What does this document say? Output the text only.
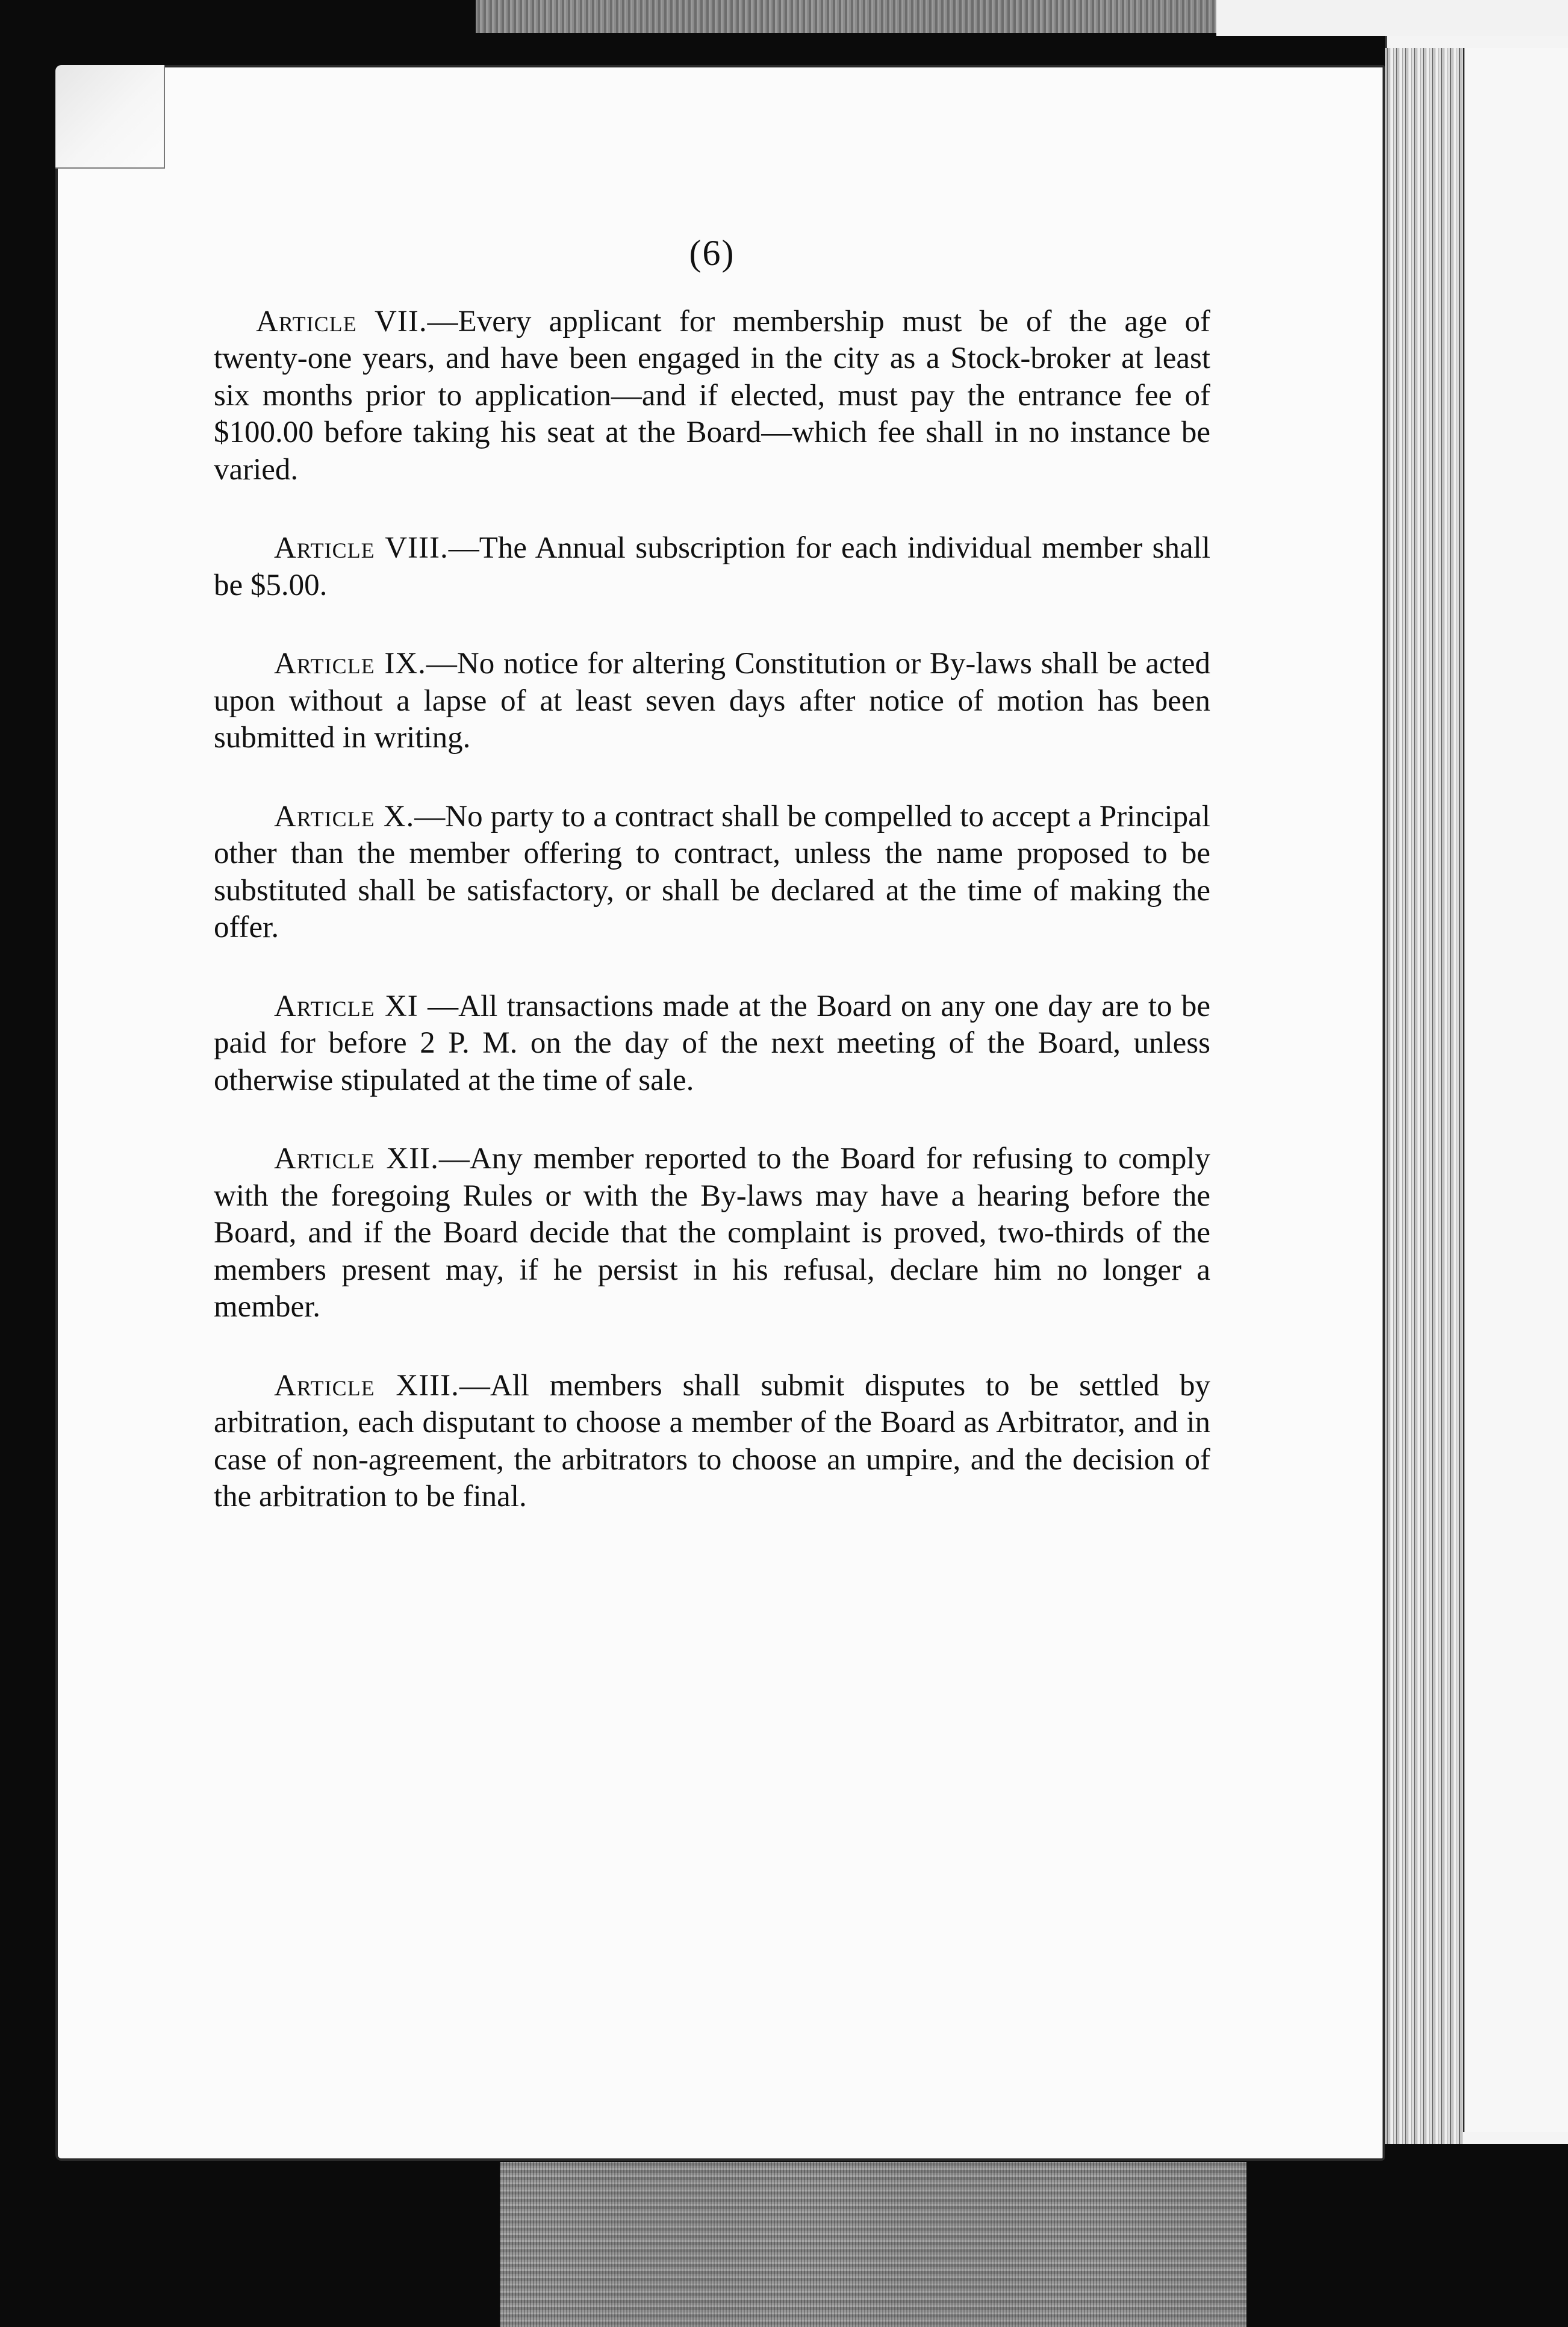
(6)

Article VII.—Every applicant for membership must be of the age of twenty-one years, and have been engaged in the city as a Stock-broker at least six months prior to application—and if elected, must pay the entrance fee of $100.00 before taking his seat at the Board—which fee shall in no instance be varied.

Article VIII.—The Annual subscription for each individual member shall be $5.00.

Article IX.—No notice for altering Constitution or By-laws shall be acted upon without a lapse of at least seven days after notice of motion has been submitted in writing.

Article X.—No party to a contract shall be compelled to accept a Principal other than the member offering to contract, unless the name proposed to be substituted shall be satisfactory, or shall be declared at the time of making the offer.

Article XI —All transactions made at the Board on any one day are to be paid for before 2 P. M. on the day of the next meeting of the Board, unless otherwise stipulated at the time of sale.

Article XII.—Any member reported to the Board for refusing to comply with the foregoing Rules or with the By-laws may have a hearing before the Board, and if the Board decide that the complaint is proved, two-thirds of the members present may, if he persist in his refusal, declare him no longer a member.

Article XIII.—All members shall submit disputes to be settled by arbitration, each disputant to choose a member of the Board as Arbitrator, and in case of non-agreement, the arbitrators to choose an umpire, and the decision of the arbitration to be final.
